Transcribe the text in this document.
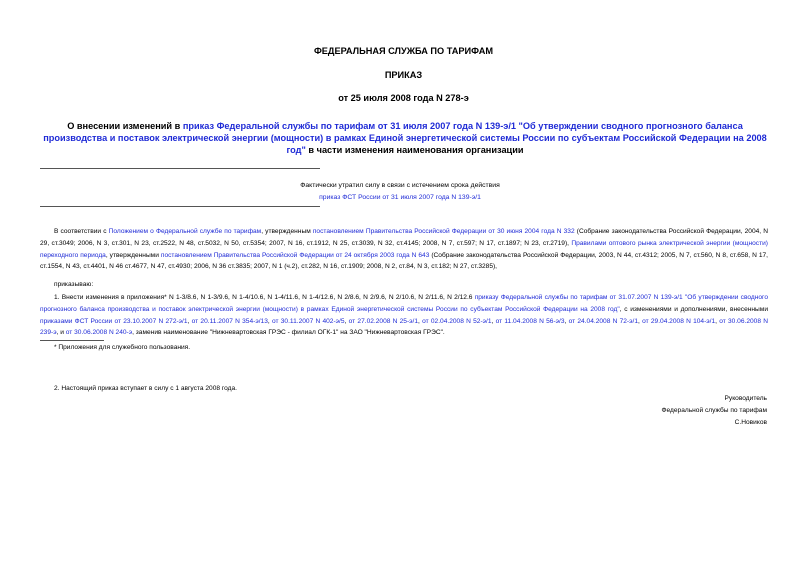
ФЕДЕРАЛЬНАЯ СЛУЖБА ПО ТАРИФАМ
ПРИКАЗ
от 25 июля 2008 года N 278-э
О внесении изменений в приказ Федеральной службы по тарифам от 31 июля 2007 года N 139-э/1 "Об утверждении сводного прогнозного баланса производства и поставок электрической энергии (мощности) в рамках Единой энергетической системы России по субъектам Российской Федерации на 2008 год" в части изменения наименования организации
Фактически утратил силу в связи с истечением срока действия
приказ ФСТ России от 31 июля 2007 года N 139-э/1
В соответствии с Положением о Федеральной службе по тарифам, утвержденным постановлением Правительства Российской Федерации от 30 июня 2004 года N 332 (Собрание законодательства Российской Федерации, 2004, N 29, ст.3049; 2006, N 3, ст.301, N 23, ст.2522, N 48, ст.5032, N 50, ст.5354; 2007, N 16, ст.1912, N 25, ст.3039, N 32, ст.4145; 2008, N 7, ст.597; N 17, ст.1897; N 23, ст.2719), Правилами оптового рынка электрической энергии (мощности) переходного периода, утвержденными постановлением Правительства Российской Федерации от 24 октября 2003 года N 643 (Собрание законодательства Российской Федерации, 2003, N 44, ст.4312; 2005, N 7, ст.560, N 8, ст.658, N 17, ст.1554, N 43, ст.4401, N 46 ст.4677, N 47, ст.4930; 2006, N 36 ст.3835; 2007, N 1 (ч.2), ст.282, N 16, ст.1909; 2008, N 2, ст.84, N 3, ст.182; N 27, ст.3285),
приказываю:
1. Внести изменения в приложения* N 1-3/8.6, N 1-3/9.6, N 1-4/10.6, N 1-4/11.6, N 1-4/12.6, N 2/8.6, N 2/9.6, N 2/10.6, N 2/11.6, N 2/12.6 приказу Федеральной службы по тарифам от 31.07.2007 N 139-э/1 "Об утверждении сводного прогнозного баланса производства и поставок электрической энергии (мощности) в рамках Единой энергетической системы России по субъектам Российской Федерации на 2008 год", с изменениями и дополнениями, внесенными приказами ФСТ России от 23.10.2007 N 272-э/1, от 20.11.2007 N 354-э/13, от 30.11.2007 N 402-э/5, от 27.02.2008 N 25-э/1, от 02.04.2008 N 52-э/1, от 11.04.2008 N 56-э/3, от 24.04.2008 N 72-э/1, от 29.04.2008 N 104-э/1, от 30.06.2008 N 239-э, и от 30.06.2008 N 240-э, заменив наименование "Нижневартовская ГРЭС - филиал ОГК-1" на ЗАО "Нижневартовская ГРЭС".
* Приложения для служебного пользования.
2. Настоящий приказ вступает в силу с 1 августа 2008 года.
Руководитель
Федеральной службы по тарифам
С.Новиков
